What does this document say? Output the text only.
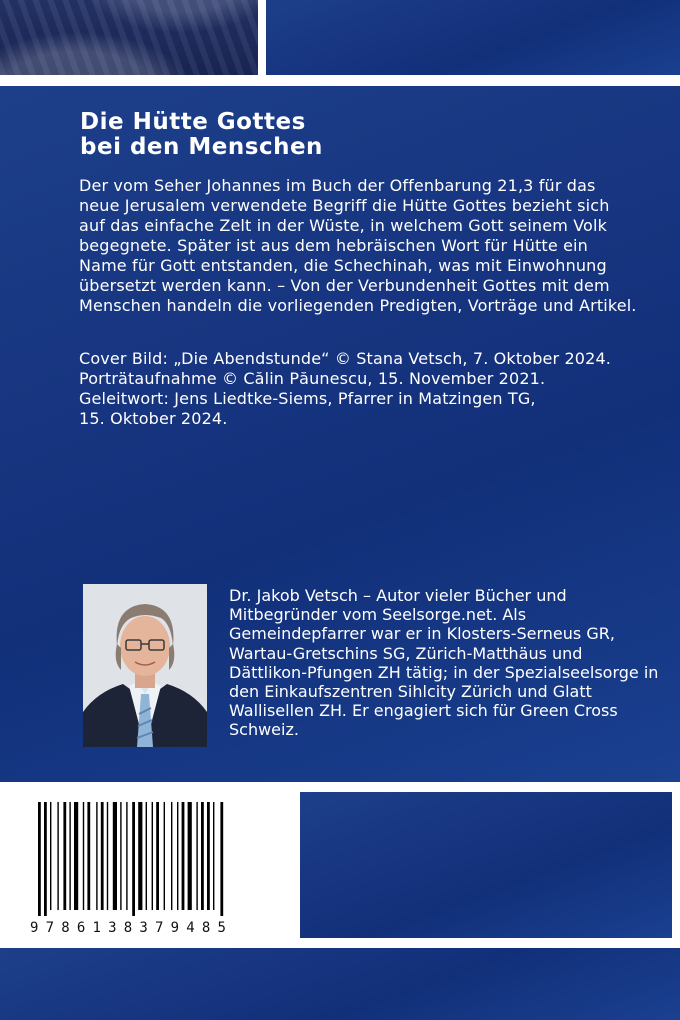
Die Hütte Gottes
bei den Menschen

Der vom Seher Johannes im Buch der Offenbarung 21,3 für das neue Jerusalem verwendete Begriff die Hütte Gottes bezieht sich auf das einfache Zelt in der Wüste, in welchem Gott seinem Volk begegnete. Später ist aus dem hebräischen Wort für Hütte ein Name für Gott entstanden, die Schechinah, was mit Einwohnung übersetzt werden kann. – Von der Verbundenheit Gottes mit dem Menschen handeln die vorliegenden Predigten, Vorträge und Artikel.

Cover Bild: „Die Abendstunde“ © Stana Vetsch, 7. Oktober 2024.
Porträtaufnahme © Călin Păunescu, 15. November 2021.
Geleitwort: Jens Liedtke-Siems, Pfarrer in Matzingen TG,
15. Oktober 2024.

Dr. Jakob Vetsch – Autor vieler Bücher und Mitbegründer vom Seelsorge.net. Als Gemeindepfarrer war er in Klosters-Serneus GR, Wartau-Gretschins SG, Zürich-Matthäus und Dättlikon-Pfungen ZH tätig; in der Spezialseelsorge in den Einkaufszentren Sihlcity Zürich und Glatt Wallisellen ZH. Er engagiert sich für Green Cross Schweiz.

9786138379485
